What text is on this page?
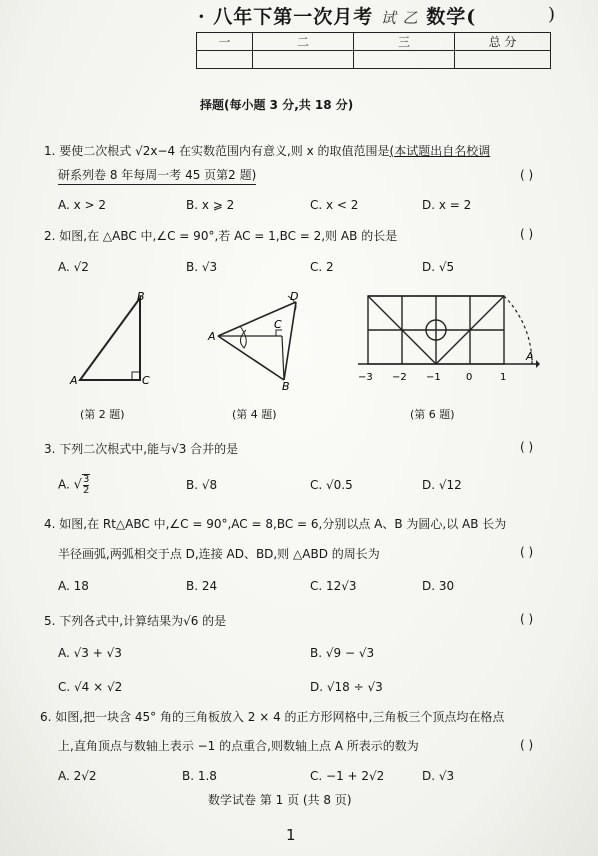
· 八年下第一次月考 试 乙 数学(	)
一	二	三	总 分

择题(每小题 3 分,共 18 分)
1. 要使二次根式 √2x−4 在实数范围内有意义,则 x 的取值范围是(本试题出自名校调
研系列卷 8 年每周一考 45 页第2 题)	( )
A. x > 2	B. x ⩾ 2	C. x < 2	D. x = 2
2. 如图,在 △ABC 中,∠C = 90°,若 AC = 1,BC = 2,则 AB 的长是	( )
A. √2	B. √3	C. 2	D. √5
A
B
C
(第 2 题)
A
D
C
B
(第 4 题)
−3 −2 −1	0	1
A
(第 6 题)
3. 下列二次根式中,能与√3 合并的是	( )
A. √ $\frac{3}{2}$	B. √8	C. √0.5	D. √12
4. 如图,在 Rt△ABC 中,∠C = 90°,AC = 8,BC = 6,分别以点 A、B 为圆心,以 AB 长为
半径画弧,两弧相交于点 D,连接 AD、BD,则 △ABD 的周长为	( )
A. 18	B. 24	C. 12√3	D. 30
5. 下列各式中,计算结果为√6 的是	( )
A. √3 + √3	B. √9 − √3
C. √4 × √2	D. √18 ÷ √3
6. 如图,把一块含 45° 角的三角板放入 2 × 4 的正方形网格中,三角板三个顶点均在格点
上,直角顶点与数轴上表示 −1 的点重合,则数轴上点 A 所表示的数为	( )
A. 2√2	B. 1.8	C. −1 + 2√2	D. √3
数学试卷 第 1 页 (共 8 页)
1
